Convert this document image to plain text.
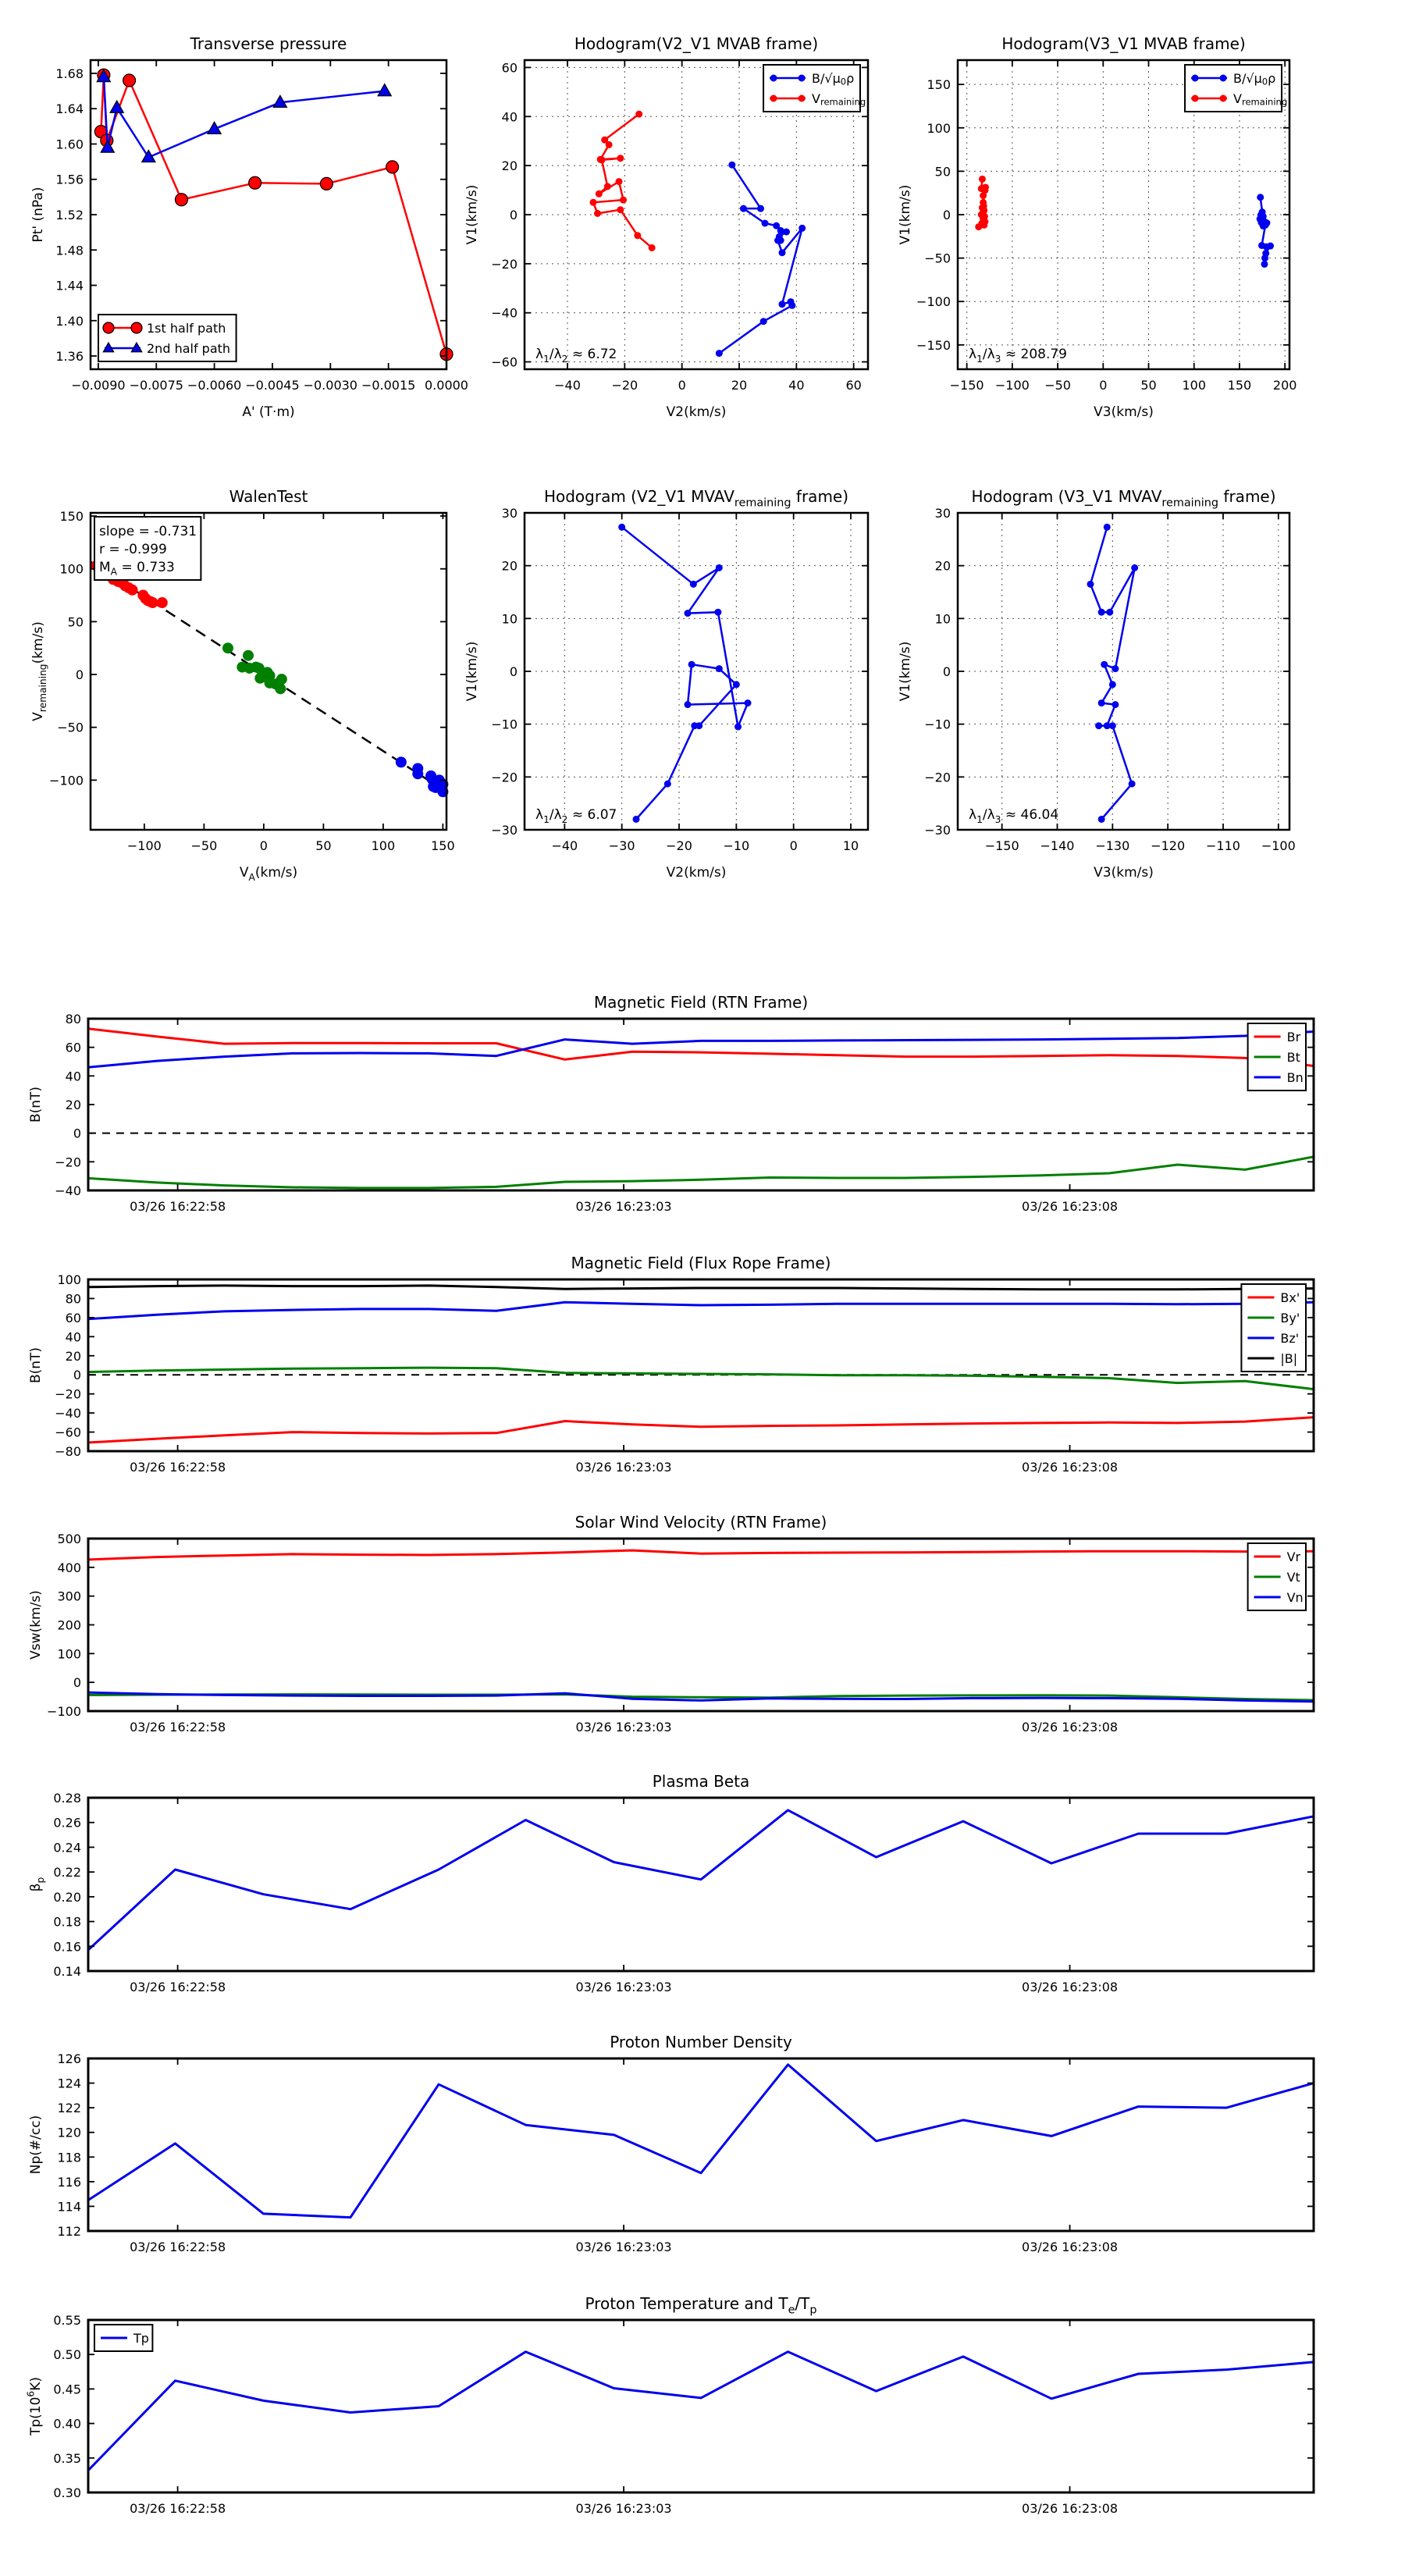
−0.0090 −0.0075 −0.0060 −0.0045 −0.0030 −0.0015 0.0000
1.36
1.40
1.44
1.48
1.52
1.56
1.60
1.64
1.68
Transverse pressure
A' (T·m)
Pt' (nPa)
1st half path
2nd half path
−40 −20	0	20	40	60
−60
−40
−20
0
20
40
60
Hodogram(V2_V1 MVAB frame)
V2(km/s)
V1(km/s)
$\lambda_1/\lambda_2 \approx 6.72$
$B/√\mu_0\rho$
$V_{remaining}$
−150 −100 −50 0	50 100 150 200
−150
−100
−50
0
50
100
150
Hodogram(V3_V1 MVAB frame)
V3(km/s)
V1(km/s)
$\lambda_1/\lambda_3 \approx 208.79$
$B/√\mu_0\rho$
$V_{remaining}$
−100 −50	0	50	100	150
−100
−50
0
50
100
150
WalenTest
$V_A(km/s)$
$V_{remaining}(km/s)$
slope = -0.731
r = -0.999
$M_A = 0.733$
−40 −30 −20 −10	0	10
−30
−20
−10
0
10
20
30
Hodogram (V2_V1 $MVAV_{remaining}$ frame)
V2(km/s)
V1(km/s)
$\lambda_1/\lambda_2 \approx 6.07$
−150 −140 −130 −120 −110 −100
−30
−20
−10
0
10
20
30
Hodogram (V3_V1 $MVAV_{remaining}$ frame)
V3(km/s)
V1(km/s)
$\lambda_1/\lambda_3 \approx 46.04$
03/26 16:22:58	03/26 16:23:03	03/26 16:23:08
−40
−20
0
20
40
60
80
Magnetic Field (RTN Frame)
B(nT)
Br
Bt
Bn
03/26 16:22:58	03/26 16:23:03	03/26 16:23:08
−80
−60
−40
−20
0
20
40
60
80
100
Magnetic Field (Flux Rope Frame)
B(nT)
Bx'
By'
Bz'
|B|
03/26 16:22:58	03/26 16:23:03	03/26 16:23:08
−100
0
100
200
300
400
500
Solar Wind Velocity (RTN Frame)
Vsw(km/s)
Vr
Vt
Vn
03/26 16:22:58	03/26 16:23:03	03/26 16:23:08
0.14
0.16
0.18
0.20
0.22
0.24
0.26
0.28
Plasma Beta
$\beta_p$
03/26 16:22:58	03/26 16:23:03	03/26 16:23:08
112
114
116
118
120
122
124
126
Proton Number Density
Np(#/cc)
03/26 16:22:58	03/26 16:23:03	03/26 16:23:08
0.30
0.35
0.40
0.45
0.50
0.55
Proton Temperature and $T_e/T_p$
$Tp(10^6K)$
Tp
